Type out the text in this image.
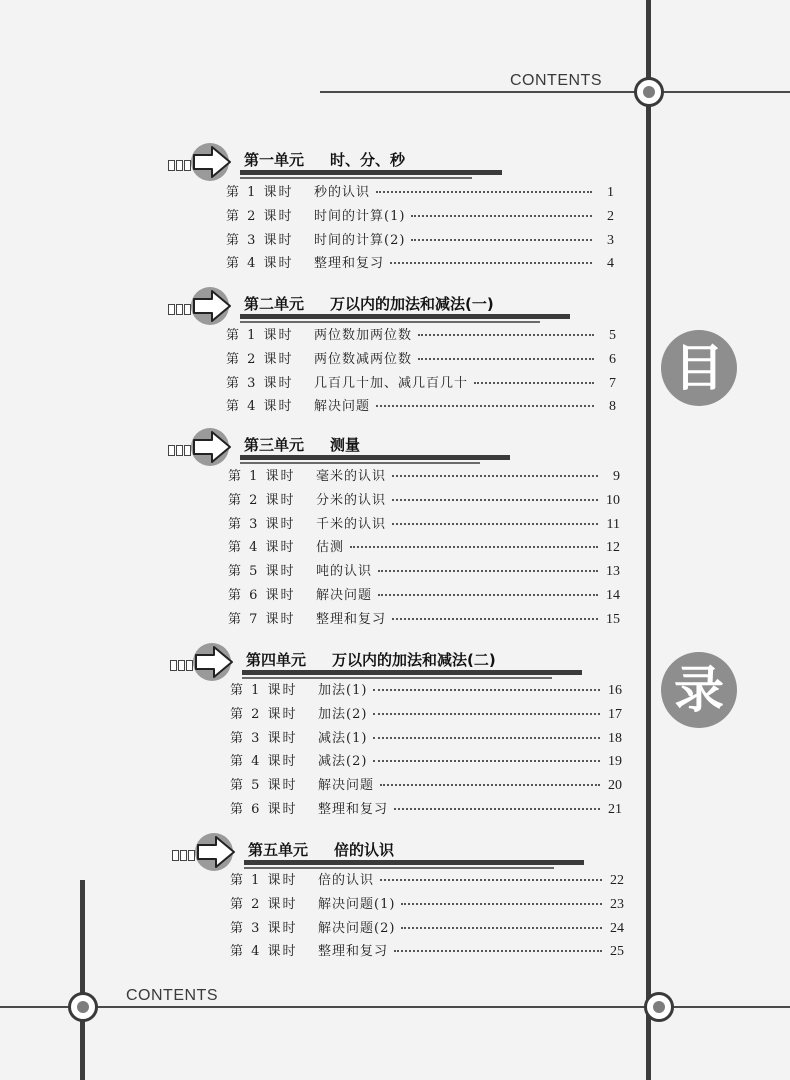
CONTENTS
CONTENTS
目
录
第一单元 时、分、秒
第 1 课时	秒的认识	1
第 2 课时	时间的计算(1)	2
第 3 课时	时间的计算(2)	3
第 4 课时	整理和复习	4
第二单元 万以内的加法和减法(一)
第 1 课时	两位数加两位数	5
第 2 课时	两位数减两位数	6
第 3 课时	几百几十加、减几百几十	7
第 4 课时	解决问题	8
第三单元 测量
第 1 课时	毫米的认识	9
第 2 课时	分米的认识	10
第 3 课时	千米的认识	11
第 4 课时	估测	12
第 5 课时	吨的认识	13
第 6 课时	解决问题	14
第 7 课时	整理和复习	15
第四单元 万以内的加法和减法(二)
第 1 课时	加法(1)	16
第 2 课时	加法(2)	17
第 3 课时	减法(1)	18
第 4 课时	减法(2)	19
第 5 课时	解决问题	20
第 6 课时	整理和复习	21
第五单元 倍的认识
第 1 课时	倍的认识	22
第 2 课时	解决问题(1)	23
第 3 课时	解决问题(2)	24
第 4 课时	整理和复习	25
